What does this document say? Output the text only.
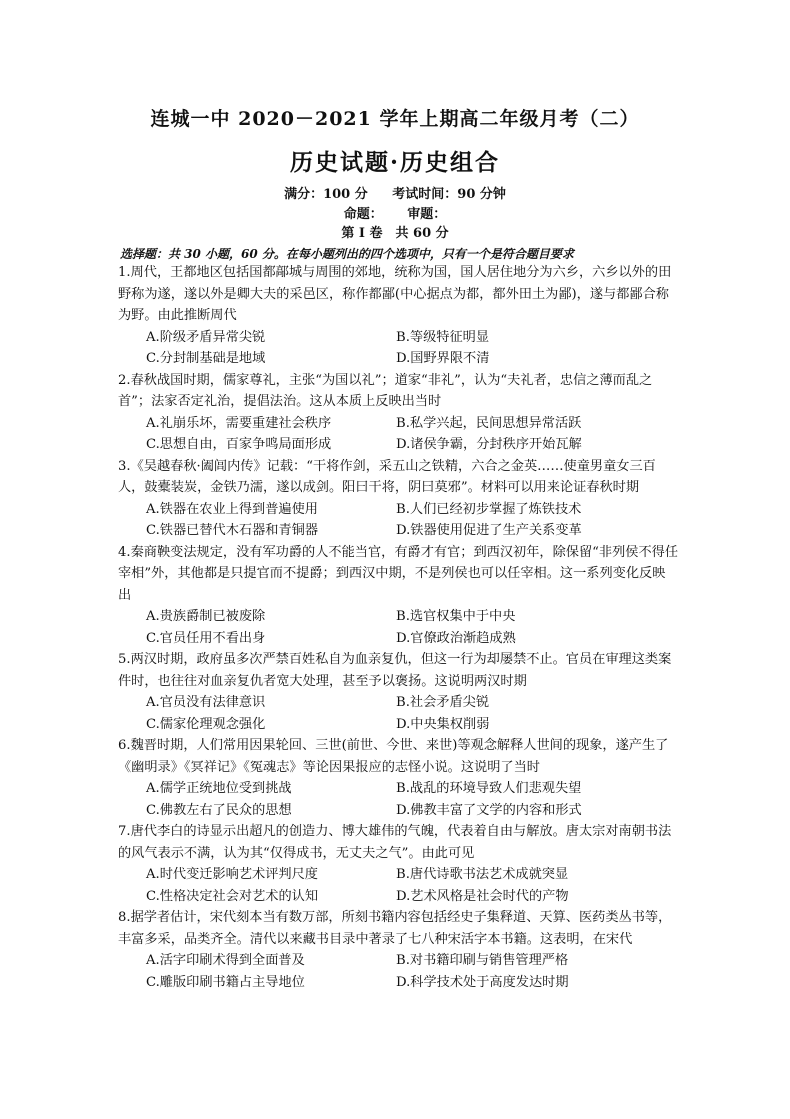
连城一中 2020－2021 学年上期高二年级月考（二）
历史试题·历史组合
满分：100 分 考试时间：90 分钟
命题： 审题：
第 I 卷　共 60 分
选择题：共 30 小题，60 分。在每小题列出的四个选项中，只有一个是符合题目要求

1.周代，王都地区包括国都鄗城与周围的郊地，统称为国，国人居住地分为六乡，六乡以外的田野称为遂，遂以外是卿大夫的采邑区，称作都鄙(中心据点为都，都外田土为鄙)，遂与都鄙合称为野。由此推断周代

A.阶级矛盾异常尖锐	B.等级特征明显
C.分封制基础是地域	D.国野界限不清

2.春秋战国时期，儒家尊礼，主张“为国以礼”；道家“非礼”，认为“夫礼者，忠信之薄而乱之首”；法家否定礼治，提倡法治。这从本质上反映出当时

A.礼崩乐坏，需要重建社会秩序	B.私学兴起，民间思想异常活跃
C.思想自由，百家争鸣局面形成	D.诸侯争霸，分封秩序开始瓦解

3.《吴越春秋·阖闾内传》记载：“干将作剑，采五山之铁精，六合之金英……使童男童女三百人，鼓橐装炭，金铁乃濡，遂以成剑。阳曰干将，阴曰莫邪”。材料可以用来论证春秋时期

A.铁器在农业上得到普遍使用	B.人们已经初步掌握了炼铁技术
C.铁器已替代木石器和青铜器	D.铁器使用促进了生产关系变革

4.秦商鞅变法规定，没有军功爵的人不能当官，有爵才有官；到西汉初年，除保留“非列侯不得任宰相”外，其他都是只提官而不提爵；到西汉中期，不是列侯也可以任宰相。这一系列变化反映出

A.贵族爵制已被废除	B.选官权集中于中央
C.官员任用不看出身	D.官僚政治渐趋成熟

5.两汉时期，政府虽多次严禁百姓私自为血亲复仇，但这一行为却屡禁不止。官员在审理这类案件时，也往往对血亲复仇者宽大处理，甚至予以褒扬。这说明两汉时期

A.官员没有法律意识	B.社会矛盾尖锐
C.儒家伦理观念强化	D.中央集权削弱

6.魏晋时期，人们常用因果轮回、三世(前世、今世、来世)等观念解释人世间的现象，遂产生了《幽明录》《冥祥记》《冤魂志》等论因果报应的志怪小说。这说明了当时

A.儒学正统地位受到挑战	B.战乱的环境导致人们悲观失望
C.佛教左右了民众的思想	D.佛教丰富了文学的内容和形式

7.唐代李白的诗显示出超凡的创造力、博大雄伟的气魄，代表着自由与解放。唐太宗对南朝书法的风气表示不满，认为其“仅得成书，无丈夫之气”。由此可见

A.时代变迁影响艺术评判尺度	B.唐代诗歌书法艺术成就突显
C.性格决定社会对艺术的认知	D.艺术风格是社会时代的产物

8.据学者估计，宋代刻本当有数万部，所刻书籍内容包括经史子集释道、天算、医药类丛书等，丰富多采，品类齐全。清代以来藏书目录中著录了七八种宋活字本书籍。这表明，在宋代

A.活字印刷术得到全面普及	B.对书籍印刷与销售管理严格
C.雕版印刷书籍占主导地位	D.科学技术处于高度发达时期
